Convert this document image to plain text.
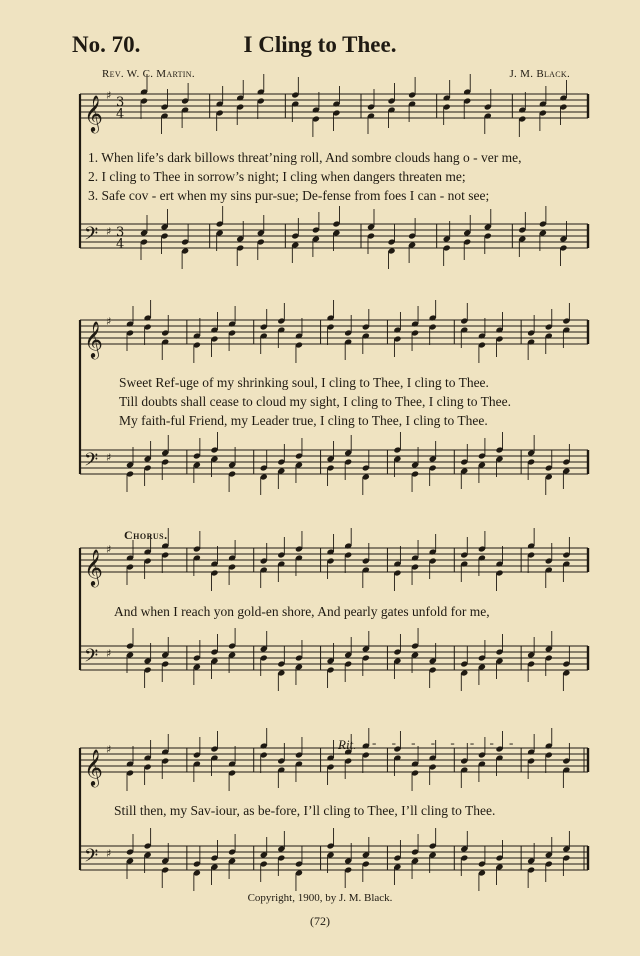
No. 70.	I Cling to Thee.
Rev. W. C. Martin.	J. M. Black.
𝄞 ♯ 3
4
𝄢 ♯ 3
4
𝄞 ♯
𝄢 ♯
𝄞 ♯
𝄢 ♯
𝄞 ♯
𝄢 ♯
1. When life’s dark billows threat’ning roll, And sombre clouds hang o - ver me,
2. I cling to Thee in sorrow’s night; I cling when dangers threaten me;
3. Safe cov - ert when my sins pur-sue; De-fense from foes I can - not see;
Sweet Ref-uge of my shrinking soul, I cling to Thee, I cling to Thee.
Till doubts shall cease to cloud my sight, I cling to Thee, I cling to Thee.
My faith-ful Friend, my Leader true, I cling to Thee, I cling to Thee.
Chorus.
And when I reach yon gold-en shore, And pearly gates unfold for me,
Rit. - - - - - - - -
Still then, my Sav-iour, as be-fore, I’ll cling to Thee, I’ll cling to Thee.
Copyright, 1900, by J. M. Black.
(72)
